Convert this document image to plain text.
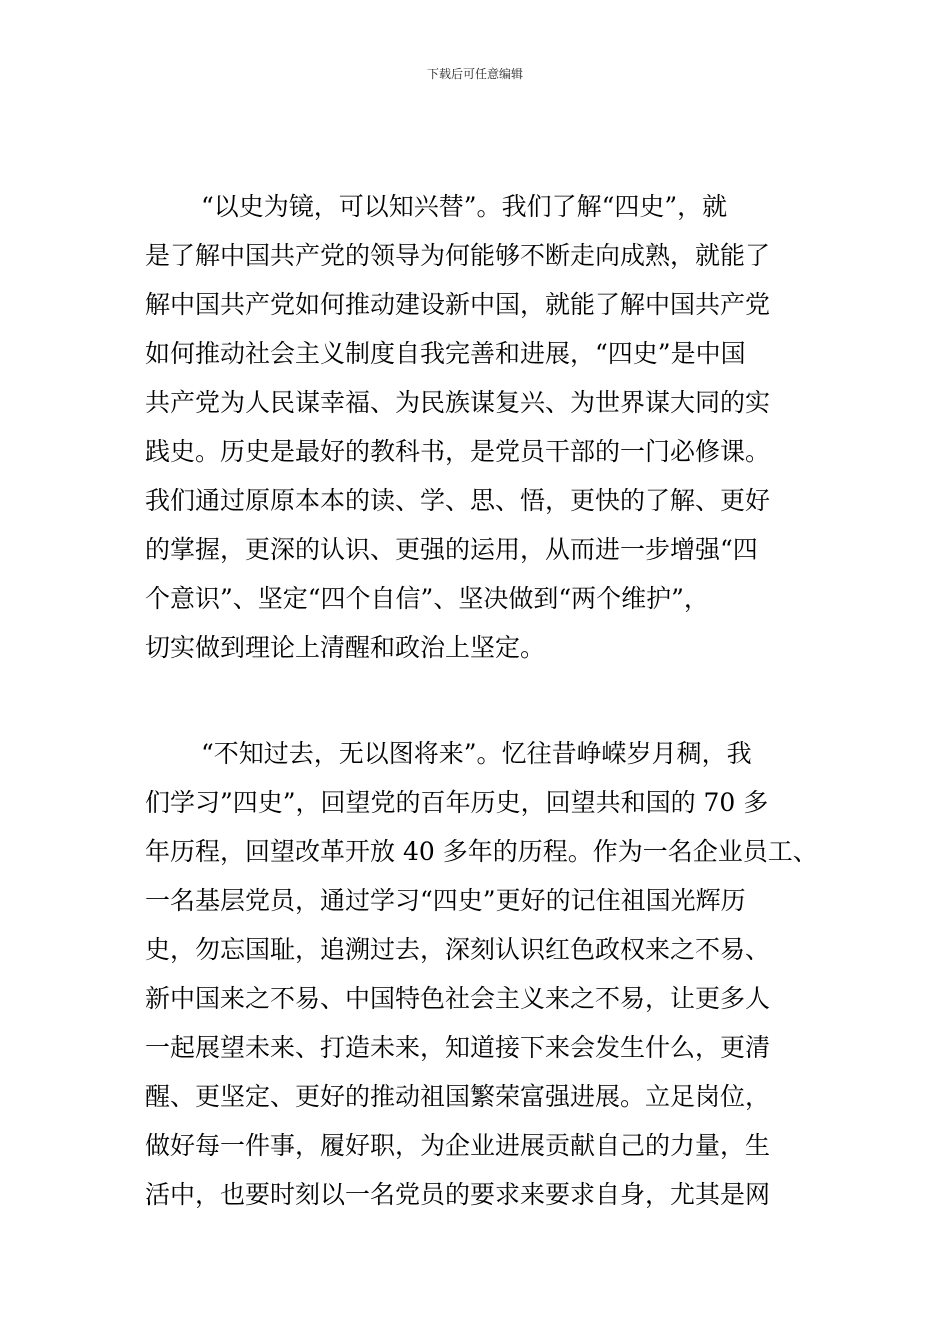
下载后可任意编辑

“以史为镜，可以知兴替”。我们了解“四史”，就
是了解中国共产党的领导为何能够不断走向成熟，就能了
解中国共产党如何推动建设新中国，就能了解中国共产党
如何推动社会主义制度自我完善和进展，“四史”是中国
共产党为人民谋幸福、为民族谋复兴、为世界谋大同的实
践史。历史是最好的教科书，是党员干部的一门必修课。
我们通过原原本本的读、学、思、悟，更快的了解、更好
的掌握，更深的认识、更强的运用，从而进一步增强“四
个意识”、坚定“四个自信”、坚决做到“两个维护”，
切实做到理论上清醒和政治上坚定。

“不知过去，无以图将来”。忆往昔峥嵘岁月稠，我
们学习”四史”，回望党的百年历史，回望共和国的 70 多
年历程，回望改革开放 40 多年的历程。作为一名企业员工、
一名基层党员，通过学习“四史”更好的记住祖国光辉历
史，勿忘国耻，追溯过去，深刻认识红色政权来之不易、
新中国来之不易、中国特色社会主义来之不易，让更多人
一起展望未来、打造未来，知道接下来会发生什么，更清
醒、更坚定、更好的推动祖国繁荣富强进展。立足岗位，
做好每一件事，履好职，为企业进展贡献自己的力量，生
活中，也要时刻以一名党员的要求来要求自身，尤其是网
